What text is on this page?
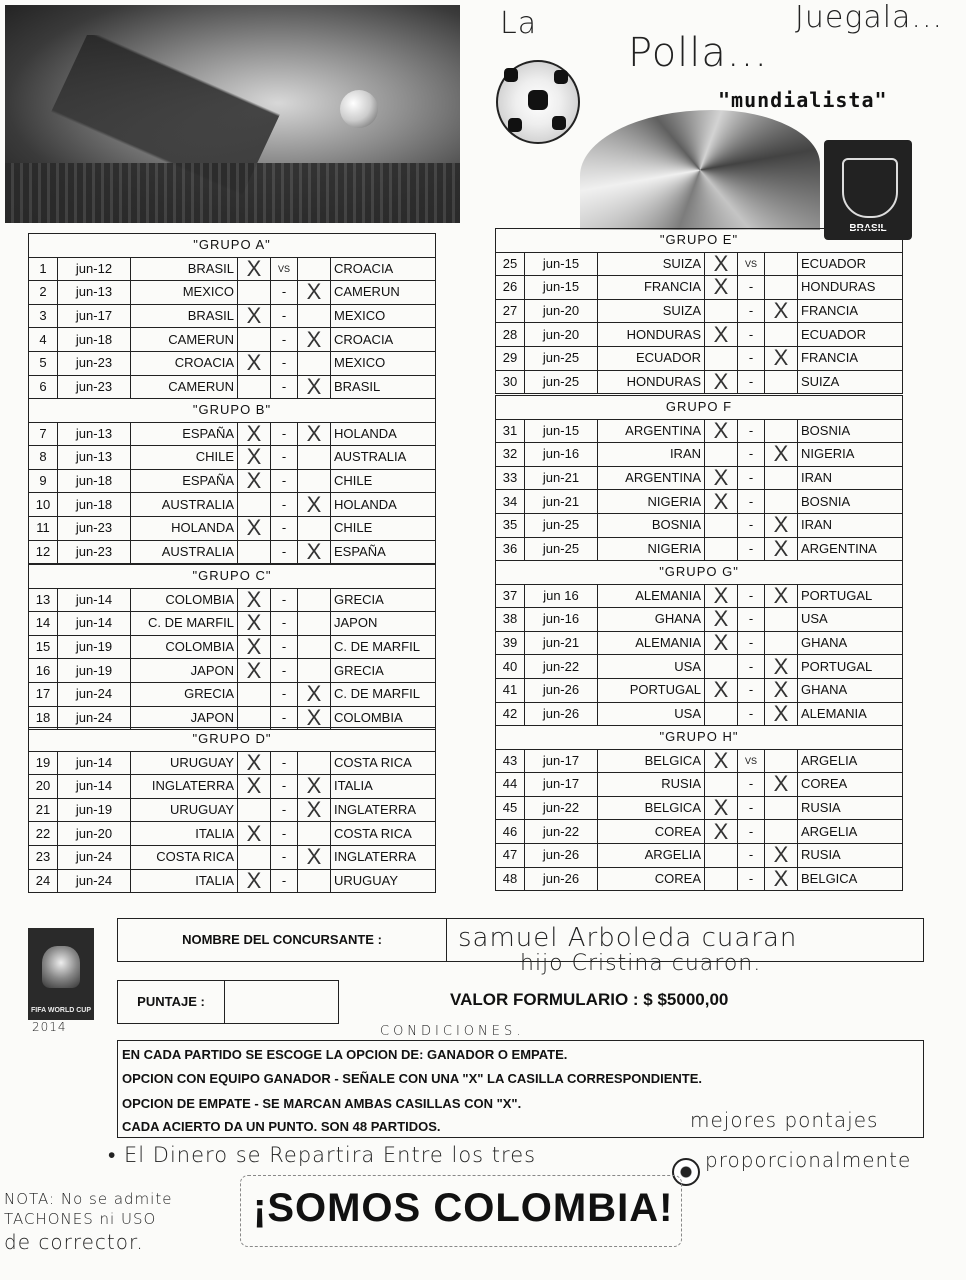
La
Polla...
Juegala...
"mundialista"
BRASIL
FIFA WORLD CUP
2014
NOMBRE DEL CONCURSANTE :	samuel Arboleda cuaran
hijo Cristina cuaron.
PUNTAJE :	VALOR FORMULARIO : $ $5000,00
CONDICIONES.
EN CADA PARTIDO SE ESCOGE LA OPCION DE: GANADOR O EMPATE.
OPCION CON EQUIPO GANADOR - SEÑALE CON UNA "X" LA CASILLA CORRESPONDIENTE.
OPCION DE EMPATE - SE MARCAN AMBAS CASILLAS CON "X".
CADA ACIERTO DA UN PUNTO. SON 48 PARTIDOS.	mejores pontajes
• El Dinero se Repartira Entre los tres	proporcionalmente
NOTA: No se admite
TACHONES ni USO
de corrector.
¡SOMOS COLOMBIA!
"GRUPO A"						
1	jun-12	BRASIL	X	VS		CROACIA
2	jun-13	MEXICO		-	X	CAMERUN
3	jun-17	BRASIL	X	-		MEXICO
4	jun-18	CAMERUN		-	X	CROACIA
5	jun-23	CROACIA	X	-		MEXICO
6	jun-23	CAMERUN		-	X	BRASIL
"GRUPO B"						
7	jun-13	ESPAÑA	X	-	X	HOLANDA
8	jun-13	CHILE	X	-		AUSTRALIA
9	jun-18	ESPAÑA	X	-		CHILE
10	jun-18	AUSTRALIA		-	X	HOLANDA
11	jun-23	HOLANDA	X	-		CHILE
12	jun-23	AUSTRALIA		-	X	ESPAÑA
"GRUPO C"						
13	jun-14	COLOMBIA	X	-		GRECIA
14	jun-14	C. DE MARFIL	X	-		JAPON
15	jun-19	COLOMBIA	X	-		C. DE MARFIL
16	jun-19	JAPON	X	-		GRECIA
17	jun-24	GRECIA		-	X	C. DE MARFIL
18	jun-24	JAPON		-	X	COLOMBIA
"GRUPO D"						
19	jun-14	URUGUAY	X	-		COSTA RICA
20	jun-14	INGLATERRA	X	-	X	ITALIA
21	jun-19	URUGUAY		-	X	INGLATERRA
22	jun-20	ITALIA	X	-		COSTA RICA
23	jun-24	COSTA RICA		-	X	INGLATERRA
24	jun-24	ITALIA	X	-		URUGUAY
"GRUPO E"						
25	jun-15	SUIZA	X	VS		ECUADOR
26	jun-15	FRANCIA	X	-		HONDURAS
27	jun-20	SUIZA		-	X	FRANCIA
28	jun-20	HONDURAS	X	-		ECUADOR
29	jun-25	ECUADOR		-	X	FRANCIA
30	jun-25	HONDURAS	X	-		SUIZA
GRUPO F						
31	jun-15	ARGENTINA	X	-		BOSNIA
32	jun-16	IRAN		-	X	NIGERIA
33	jun-21	ARGENTINA	X	-		IRAN
34	jun-21	NIGERIA	X	-		BOSNIA
35	jun-25	BOSNIA		-	X	IRAN
36	jun-25	NIGERIA		-	X	ARGENTINA
"GRUPO G"						
37	jun 16	ALEMANIA	X	-	X	PORTUGAL
38	jun-16	GHANA	X	-		USA
39	jun-21	ALEMANIA	X	-		GHANA
40	jun-22	USA		-	X	PORTUGAL
41	jun-26	PORTUGAL	X	-	X	GHANA
42	jun-26	USA		-	X	ALEMANIA
"GRUPO H"						
43	jun-17	BELGICA	X	VS		ARGELIA
44	jun-17	RUSIA		-	X	COREA
45	jun-22	BELGICA	X	-		RUSIA
46	jun-22	COREA	X	-		ARGELIA
47	jun-26	ARGELIA		-	X	RUSIA
48	jun-26	COREA		-	X	BELGICA
